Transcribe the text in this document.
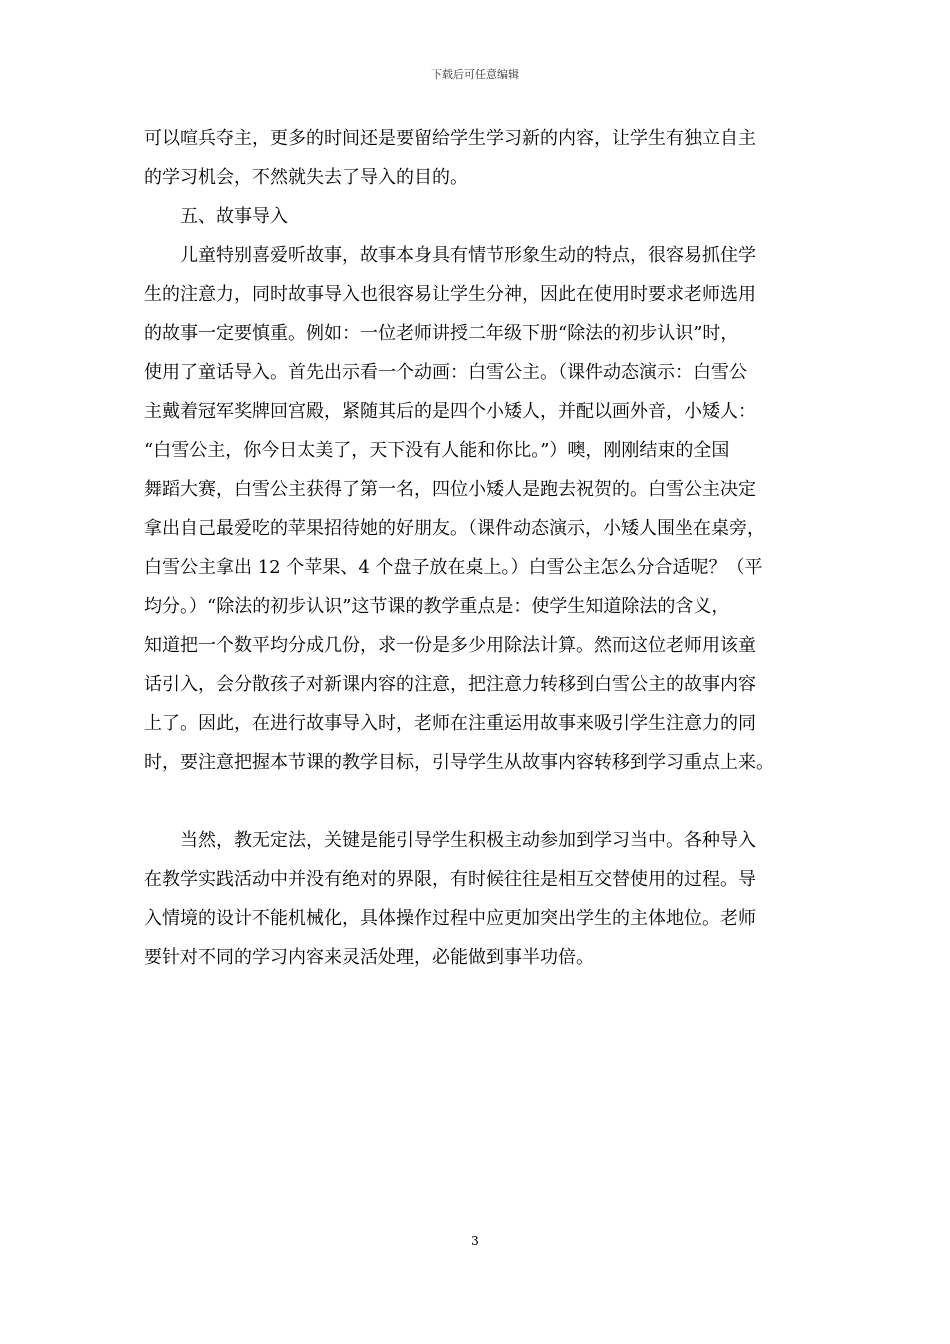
下载后可任意编辑
可以喧兵夺主，更多的时间还是要留给学生学习新的内容，让学生有独立自主
的学习机会，不然就失去了导入的目的。
五、故事导入
儿童特别喜爱听故事，故事本身具有情节形象生动的特点，很容易抓住学
生的注意力，同时故事导入也很容易让学生分神，因此在使用时要求老师选用
的故事一定要慎重。例如：一位老师讲授二年级下册“除法的初步认识”时，
使用了童话导入。首先出示看一个动画：白雪公主。（课件动态演示：白雪公
主戴着冠军奖牌回宫殿，紧随其后的是四个小矮人，并配以画外音，小矮人：
“白雪公主，你今日太美了，天下没有人能和你比。”）噢，刚刚结束的全国
舞蹈大赛，白雪公主获得了第一名，四位小矮人是跑去祝贺的。白雪公主决定
拿出自己最爱吃的苹果招待她的好朋友。（课件动态演示，小矮人围坐在桌旁，
白雪公主拿出 12 个苹果、4 个盘子放在桌上。）白雪公主怎么分合适呢？（平
均分。）“除法的初步认识”这节课的教学重点是：使学生知道除法的含义，
知道把一个数平均分成几份，求一份是多少用除法计算。然而这位老师用该童
话引入，会分散孩子对新课内容的注意，把注意力转移到白雪公主的故事内容
上了。因此，在进行故事导入时，老师在注重运用故事来吸引学生注意力的同
时，要注意把握本节课的教学目标，引导学生从故事内容转移到学习重点上来。
当然，教无定法，关键是能引导学生积极主动参加到学习当中。各种导入
在教学实践活动中并没有绝对的界限，有时候往往是相互交替使用的过程。导
入情境的设计不能机械化，具体操作过程中应更加突出学生的主体地位。老师
要针对不同的学习内容来灵活处理，必能做到事半功倍。
3
